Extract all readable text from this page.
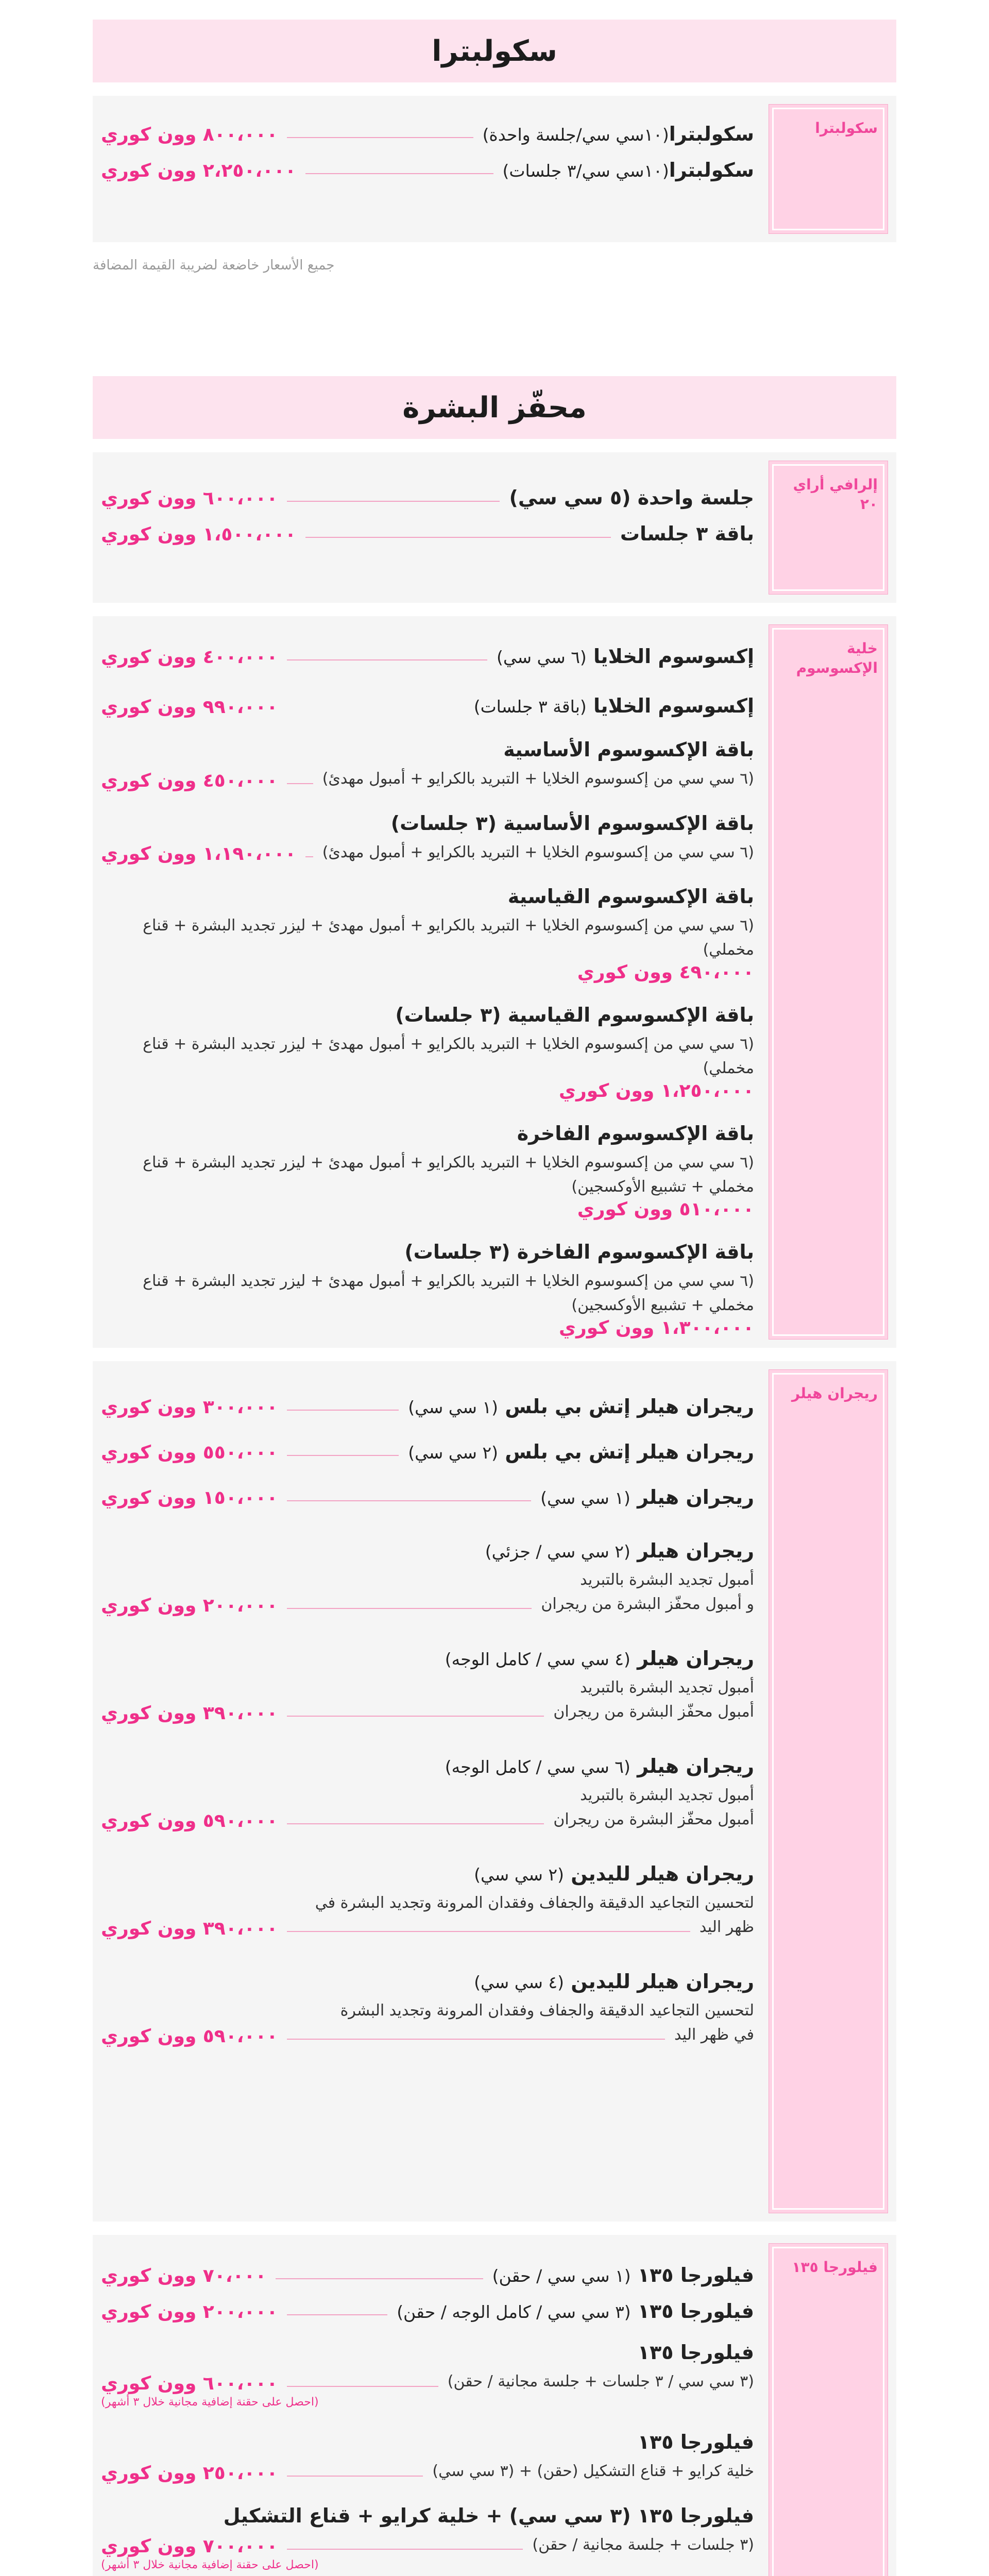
سكولبترا
سكولبترا
سكولبترا(١٠سي سي/جلسة واحدة)
٨٠٠،٠٠٠ وون كوري
سكولبترا(١٠سي سي/٣ جلسات)
٢،٢٥٠،٠٠٠ وون كوري
جميع الأسعار خاضعة لضريبة القيمة المضافة
محفّز البشرة
إلرافي أراي ٢٠
جلسة واحدة (٥ سي سي)
٦٠٠،٠٠٠ وون كوري
باقة ٣ جلسات
١،٥٠٠،٠٠٠ وون كوري
خلية الإكسوسوم
إكسوسوم الخلايا (٦ سي سي)
٤٠٠،٠٠٠ وون كوري
إكسوسوم الخلايا (باقة ٣ جلسات)
٩٩٠،٠٠٠ وون كوري
باقة الإكسوسوم الأساسية
(٦ سي سي من إكسوسوم الخلايا + التبريد بالكرايو + أمبول مهدئ)
٤٥٠،٠٠٠ وون كوري
باقة الإكسوسوم الأساسية (٣ جلسات)
(٦ سي سي من إكسوسوم الخلايا + التبريد بالكرايو + أمبول مهدئ)
١،١٩٠،٠٠٠ وون كوري
باقة الإكسوسوم القياسية
(٦ سي سي من إكسوسوم الخلايا + التبريد بالكرايو + أمبول مهدئ + ليزر تجديد البشرة + قناع مخملي)
٤٩٠،٠٠٠ وون كوري
باقة الإكسوسوم القياسية (٣ جلسات)
(٦ سي سي من إكسوسوم الخلايا + التبريد بالكرايو + أمبول مهدئ + ليزر تجديد البشرة + قناع مخملي)
١،٢٥٠،٠٠٠ وون كوري
باقة الإكسوسوم الفاخرة
(٦ سي سي من إكسوسوم الخلايا + التبريد بالكرايو + أمبول مهدئ + ليزر تجديد البشرة + قناع مخملي + تشبيع الأوكسجين)
٥١٠،٠٠٠ وون كوري
باقة الإكسوسوم الفاخرة (٣ جلسات)
(٦ سي سي من إكسوسوم الخلايا + التبريد بالكرايو + أمبول مهدئ + ليزر تجديد البشرة + قناع مخملي + تشبيع الأوكسجين)
١،٣٠٠،٠٠٠ وون كوري
ريجران هيلر
ريجران هيلر إتش بي بلس (١ سي سي)
٣٠٠،٠٠٠ وون كوري
ريجران هيلر إتش بي بلس (٢ سي سي)
٥٥٠،٠٠٠ وون كوري
ريجران هيلر (١ سي سي)
١٥٠،٠٠٠ وون كوري
ريجران هيلر (٢ سي سي / جزئي)
أمبول تجديد البشرة بالتبريد
و أمبول محفّز البشرة من ريجران
٢٠٠،٠٠٠ وون كوري
ريجران هيلر (٤ سي سي / كامل الوجه)
أمبول تجديد البشرة بالتبريد
أمبول محفّز البشرة من ريجران
٣٩٠،٠٠٠ وون كوري
ريجران هيلر (٦ سي سي / كامل الوجه)
أمبول تجديد البشرة بالتبريد
أمبول محفّز البشرة من ريجران
٥٩٠،٠٠٠ وون كوري
ريجران هيلر لليدين (٢ سي سي)
لتحسين التجاعيد الدقيقة والجفاف وفقدان المرونة وتجديد البشرة في
ظهر اليد
٣٩٠،٠٠٠ وون كوري
ريجران هيلر لليدين (٤ سي سي)
لتحسين التجاعيد الدقيقة والجفاف وفقدان المرونة وتجديد البشرة
في ظهر اليد
٥٩٠،٠٠٠ وون كوري
فيلورجا ١٣٥
فيلورجا ١٣٥ (١ سي سي / حقن)
٧٠،٠٠٠ وون كوري
فيلورجا ١٣٥ (٣ سي سي / كامل الوجه / حقن)
٢٠٠،٠٠٠ وون كوري
فيلورجا ١٣٥
(٣ سي سي / ٣ جلسات + جلسة مجانية / حقن)
٦٠٠،٠٠٠ وون كوري
(احصل على حقنة إضافية مجانية خلال ٣ أشهر)
فيلورجا ١٣٥
خلية كرايو + قناع التشكيل (حقن) + (٣ سي سي)
٢٥٠،٠٠٠ وون كوري
فيلورجا ١٣٥ (٣ سي سي) + خلية كرايو + قناع التشكيل
(٣ جلسات + جلسة مجانية / حقن)
٧٠٠،٠٠٠ وون كوري
(احصل على حقنة إضافية مجانية خلال ٣ أشهر)
